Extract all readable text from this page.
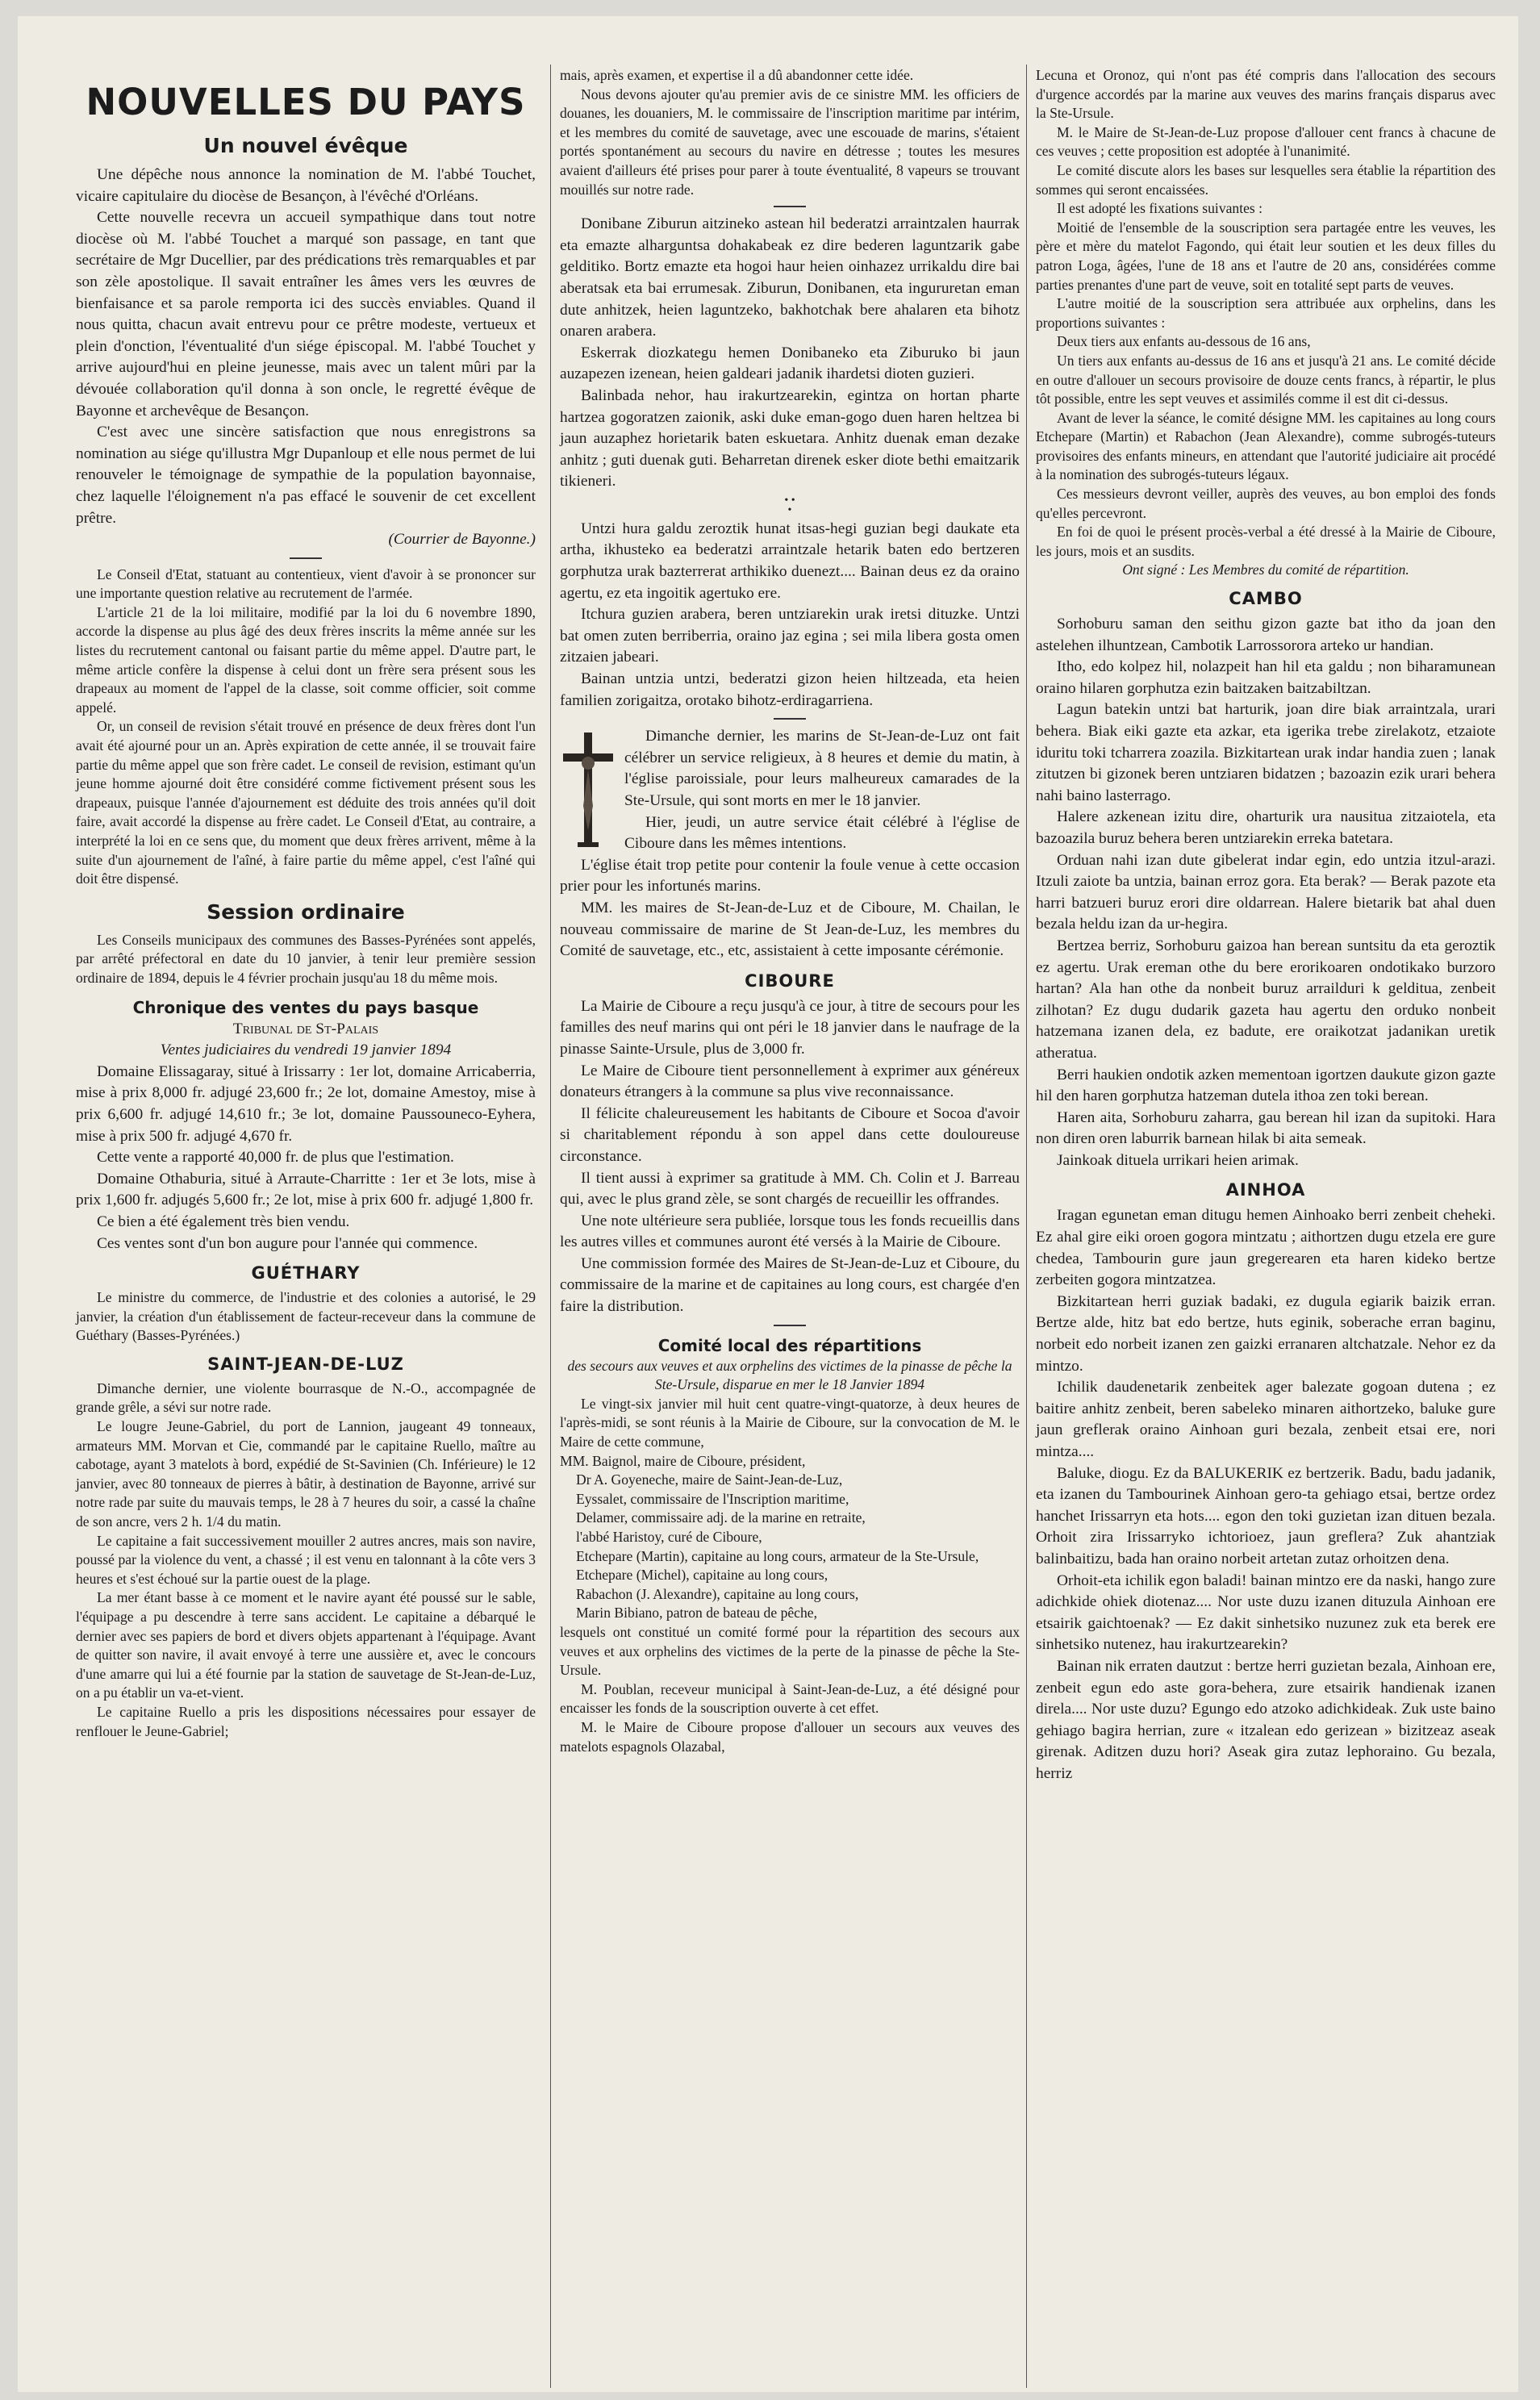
NOUVELLES DU PAYS
Un nouvel évêque

Une dépêche nous annonce la nomination de M. l'abbé Touchet, vicaire capitulaire du diocèse de Besançon, à l'évêché d'Orléans.

Cette nouvelle recevra un accueil sympathique dans tout notre diocèse où M. l'abbé Touchet a marqué son passage, en tant que secrétaire de Mgr Ducellier, par des prédications très remarquables et par son zèle apostolique. Il savait entraîner les âmes vers les œuvres de bienfaisance et sa parole remporta ici des succès enviables. Quand il nous quitta, chacun avait entrevu pour ce prêtre modeste, vertueux et plein d'onction, l'éventualité d'un siége épiscopal. M. l'abbé Touchet y arrive aujourd'hui en pleine jeunesse, mais avec un talent mûri par la dévouée collaboration qu'il donna à son oncle, le regretté évêque de Bayonne et archevêque de Besançon.

C'est avec une sincère satisfaction que nous enregistrons sa nomination au siége qu'illustra Mgr Dupanloup et elle nous permet de lui renouveler le témoignage de sympathie de la population bayonnaise, chez laquelle l'éloignement n'a pas effacé le souvenir de cet excellent prêtre.

(Courrier de Bayonne.)

Le Conseil d'Etat, statuant au contentieux, vient d'avoir à se prononcer sur une importante question relative au recrutement de l'armée.

L'article 21 de la loi militaire, modifié par la loi du 6 novembre 1890, accorde la dispense au plus âgé des deux frères inscrits la même année sur les listes du recrutement cantonal ou faisant partie du même appel. D'autre part, le même article confère la dispense à celui dont un frère sera présent sous les drapeaux au moment de l'appel de la classe, soit comme officier, soit comme appelé.

Or, un conseil de revision s'était trouvé en présence de deux frères dont l'un avait été ajourné pour un an. Après expiration de cette année, il se trouvait faire partie du même appel que son frère cadet. Le conseil de revision, estimant qu'un jeune homme ajourné doit être considéré comme fictivement présent sous les drapeaux, puisque l'année d'ajournement est déduite des trois années qu'il doit faire, avait accordé la dispense au frère cadet. Le Conseil d'Etat, au contraire, a interprété la loi en ce sens que, du moment que deux frères arrivent, même à la suite d'un ajournement de l'aîné, à faire partie du même appel, c'est l'aîné qui doit être dispensé.

Session ordinaire

Les Conseils municipaux des communes des Basses-Pyrénées sont appelés, par arrêté préfectoral en date du 10 janvier, à tenir leur première session ordinaire de 1894, depuis le 4 février prochain jusqu'au 18 du même mois.

Chronique des ventes du pays basque
Tribunal de St-Palais
Ventes judiciaires du vendredi 19 janvier 1894

Domaine Elissagaray, situé à Irissarry : 1er lot, domaine Arricaberria, mise à prix 8,000 fr. adjugé 23,600 fr.; 2e lot, domaine Amestoy, mise à prix 6,600 fr. adjugé 14,610 fr.; 3e lot, domaine Paussouneco-Eyhera, mise à prix 500 fr. adjugé 4,670 fr.

Cette vente a rapporté 40,000 fr. de plus que l'estimation.

Domaine Othaburia, situé à Arraute-Charritte : 1er et 3e lots, mise à prix 1,600 fr. adjugés 5,600 fr.; 2e lot, mise à prix 600 fr. adjugé 1,800 fr.

Ce bien a été également très bien vendu.

Ces ventes sont d'un bon augure pour l'année qui commence.

GUÉTHARY

Le ministre du commerce, de l'industrie et des colonies a autorisé, le 29 janvier, la création d'un établissement de facteur-receveur dans la commune de Guéthary (Basses-Pyrénées.)

SAINT-JEAN-DE-LUZ

Dimanche dernier, une violente bourrasque de N.-O., accompagnée de grande grêle, a sévi sur notre rade.

Le lougre Jeune-Gabriel, du port de Lannion, jaugeant 49 tonneaux, armateurs MM. Morvan et Cie, commandé par le capitaine Ruello, maître au cabotage, ayant 3 matelots à bord, expédié de St-Savinien (Ch. Inférieure) le 12 janvier, avec 80 tonneaux de pierres à bâtir, à destination de Bayonne, arrivé sur notre rade par suite du mauvais temps, le 28 à 7 heures du soir, a cassé la chaîne de son ancre, vers 2 h. 1/4 du matin.

Le capitaine a fait successivement mouiller 2 autres ancres, mais son navire, poussé par la violence du vent, a chassé ; il est venu en talonnant à la côte vers 3 heures et s'est échoué sur la partie ouest de la plage.

La mer étant basse à ce moment et le navire ayant été poussé sur le sable, l'équipage a pu descendre à terre sans accident. Le capitaine a débarqué le dernier avec ses papiers de bord et divers objets appartenant à l'équipage. Avant de quitter son navire, il avait envoyé à terre une aussière et, avec le concours d'une amarre qui lui a été fournie par la station de sauvetage de St-Jean-de-Luz, on a pu établir un va-et-vient.

Le capitaine Ruello a pris les dispositions nécessaires pour essayer de renflouer le Jeune-Gabriel;

mais, après examen, et expertise il a dû abandonner cette idée.

Nous devons ajouter qu'au premier avis de ce sinistre MM. les officiers de douanes, les douaniers, M. le commissaire de l'inscription maritime par intérim, et les membres du comité de sauvetage, avec une escouade de marins, s'étaient portés spontanément au secours du navire en détresse ; toutes les mesures avaient d'ailleurs été prises pour parer à toute éventualité, 8 vapeurs se trouvant mouillés sur notre rade.

Donibane Ziburun aitzineko astean hil bederatzi arraintzalen haurrak eta emazte alharguntsa dohakabeak ez dire bederen laguntzarik gabe gelditiko. Bortz emazte eta hogoi haur heien oinhazez urrikaldu dire bai aberatsak eta bai errumesak. Ziburun, Donibanen, eta ingururetan eman dute anhitzek, heien laguntzeko, bakhotchak bere ahalaren eta bihotz onaren arabera.

Eskerrak diozkategu hemen Donibaneko eta Ziburuko bi jaun auzapezen izenean, heien galdeari jadanik ihardetsi dioten guzieri.

Balinbada nehor, hau irakurtzearekin, egintza on hortan pharte hartzea gogoratzen zaionik, aski duke eman-gogo duen haren heltzea bi jaun auzaphez horietarik baten eskuetara. Anhitz duenak eman dezake anhitz ; guti duenak guti. Beharretan direnek esker diote bethi emaitzarik tikieneri.

• •
•

Untzi hura galdu zeroztik hunat itsas-hegi guzian begi daukate eta artha, ikhusteko ea bederatzi arraintzale hetarik baten edo bertzeren gorphutza urak bazterrerat arthikiko duenezt.... Bainan deus ez da oraino agertu, ez eta ingoitik agertuko ere.

Itchura guzien arabera, beren untziarekin urak iretsi dituzke. Untzi bat omen zuten berriberria, oraino jaz egina ; sei mila libera gosta omen zitzaien jabeari.

Bainan untzia untzi, bederatzi gizon heien hiltzeada, eta heien familien zorigaitza, orotako bihotz-erdiragarriena.

Dimanche dernier, les marins de St-Jean-de-Luz ont fait célébrer un service religieux, à 8 heures et demie du matin, à l'église paroissiale, pour leurs malheureux camarades de la Ste-Ursule, qui sont morts en mer le 18 janvier.

Hier, jeudi, un autre service était célébré à l'église de Ciboure dans les mêmes intentions.

L'église était trop petite pour contenir la foule venue à cette occasion prier pour les infortunés marins.

MM. les maires de St-Jean-de-Luz et de Ciboure, M. Chailan, le nouveau commissaire de marine de St Jean-de-Luz, les membres du Comité de sauvetage, etc., etc, assistaient à cette imposante cérémonie.

CIBOURE

La Mairie de Ciboure a reçu jusqu'à ce jour, à titre de secours pour les familles des neuf marins qui ont péri le 18 janvier dans le naufrage de la pinasse Sainte-Ursule, plus de 3,000 fr.

Le Maire de Ciboure tient personnellement à exprimer aux généreux donateurs étrangers à la commune sa plus vive reconnaissance.

Il félicite chaleureusement les habitants de Ciboure et Socoa d'avoir si charitablement répondu à son appel dans cette douloureuse circonstance.

Il tient aussi à exprimer sa gratitude à MM. Ch. Colin et J. Barreau qui, avec le plus grand zèle, se sont chargés de recueillir les offrandes.

Une note ultérieure sera publiée, lorsque tous les fonds recueillis dans les autres villes et communes auront été versés à la Mairie de Ciboure.

Une commission formée des Maires de St-Jean-de-Luz et Ciboure, du commissaire de la marine et de capitaines au long cours, est chargée d'en faire la distribution.

Comité local des répartitions
des secours aux veuves et aux orphelins des victimes de la pinasse de pêche la Ste-Ursule, disparue en mer le 18 Janvier 1894

Le vingt-six janvier mil huit cent quatre-vingt-quatorze, à deux heures de l'après-midi, se sont réunis à la Mairie de Ciboure, sur la convocation de M. le Maire de cette commune,

MM. Baignol, maire de Ciboure, président,
Dr A. Goyeneche, maire de Saint-Jean-de-Luz,
Eyssalet, commissaire de l'Inscription maritime,
Delamer, commissaire adj. de la marine en retraite,
l'abbé Haristoy, curé de Ciboure,
Etchepare (Martin), capitaine au long cours, armateur de la Ste-Ursule,
Etchepare (Michel), capitaine au long cours,
Rabachon (J. Alexandre), capitaine au long cours,
Marin Bibiano, patron de bateau de pêche,

lesquels ont constitué un comité formé pour la répartition des secours aux veuves et aux orphelins des victimes de la perte de la pinasse de pêche la Ste-Ursule.

M. Poublan, receveur municipal à Saint-Jean-de-Luz, a été désigné pour encaisser les fonds de la souscription ouverte à cet effet.

M. le Maire de Ciboure propose d'allouer un secours aux veuves des matelots espagnols Olazabal,

Lecuna et Oronoz, qui n'ont pas été compris dans l'allocation des secours d'urgence accordés par la marine aux veuves des marins français disparus avec la Ste-Ursule.

M. le Maire de St-Jean-de-Luz propose d'allouer cent francs à chacune de ces veuves ; cette proposition est adoptée à l'unanimité.

Le comité discute alors les bases sur lesquelles sera établie la répartition des sommes qui seront encaissées.

Il est adopté les fixations suivantes :

Moitié de l'ensemble de la souscription sera partagée entre les veuves, les père et mère du matelot Fagondo, qui était leur soutien et les deux filles du patron Loga, âgées, l'une de 18 ans et l'autre de 20 ans, considérées comme parties prenantes d'une part de veuve, soit en totalité sept parts de veuves.

L'autre moitié de la souscription sera attribuée aux orphelins, dans les proportions suivantes :

Deux tiers aux enfants au-dessous de 16 ans,

Un tiers aux enfants au-dessus de 16 ans et jusqu'à 21 ans. Le comité décide en outre d'allouer un secours provisoire de douze cents francs, à répartir, le plus tôt possible, entre les sept veuves et assimilés comme il est dit ci-dessus.

Avant de lever la séance, le comité désigne MM. les capitaines au long cours Etchepare (Martin) et Rabachon (Jean Alexandre), comme subrogés-tuteurs provisoires des enfants mineurs, en attendant que l'autorité judiciaire ait procédé à la nomination des subrogés-tuteurs légaux.

Ces messieurs devront veiller, auprès des veuves, au bon emploi des fonds qu'elles percevront.

En foi de quoi le présent procès-verbal a été dressé à la Mairie de Ciboure, les jours, mois et an susdits.

Ont signé : Les Membres du comité de répartition.
CAMBO

Sorhoburu saman den seithu gizon gazte bat itho da joan den astelehen ilhuntzean, Cambotik Larrossorora arteko ur handian.

Itho, edo kolpez hil, nolazpeit han hil eta galdu ; non biharamunean oraino hilaren gorphutza ezin baitzaken baitzabiltzan.

Lagun batekin untzi bat harturik, joan dire biak arraintzala, urari behera. Biak eiki gazte eta azkar, eta igerika trebe zirelakotz, etzaiote iduritu toki tcharrera zoazila. Bizkitartean urak indar handia zuen ; lanak zitutzen bi gizonek beren untziaren bidatzen ; bazoazin ezik urari behera nahi baino lasterrago.

Halere azkenean izitu dire, oharturik ura nausitua zitzaiotela, eta bazoazila buruz behera beren untziarekin erreka batetara.

Orduan nahi izan dute gibelerat indar egin, edo untzia itzul-arazi. Itzuli zaiote ba untzia, bainan erroz gora. Eta berak? — Berak pazote eta harri batzueri buruz erori dire oldarrean. Halere bietarik bat ahal duen bezala heldu izan da ur-hegira.

Bertzea berriz, Sorhoburu gaizoa han berean suntsitu da eta geroztik ez agertu. Urak ereman othe du bere erorikoaren ondotikako burzoro hartan? Ala han othe da nonbeit buruz arrailduri k gelditua, zenbeit zilhotan? Ez dugu dudarik gazeta hau agertu den orduko nonbeit hatzemana izanen dela, ez badute, ere oraikotzat jadanikan uretik atheratua.

Berri haukien ondotik azken mementoan igortzen daukute gizon gazte hil den haren gorphutza hatzeman dutela ithoa zen toki berean.

Haren aita, Sorhoburu zaharra, gau berean hil izan da supitoki. Hara non diren oren laburrik barnean hilak bi aita semeak.

Jainkoak dituela urrikari heien arimak.

AINHOA

Iragan egunetan eman ditugu hemen Ainhoako berri zenbeit cheheki. Ez ahal gire eiki oroen gogora mintzatu ; aithortzen dugu etzela ere gure chedea, Tambourin gure jaun gregerearen eta haren kideko bertze zerbeiten gogora mintzatzea.

Bizkitartean herri guziak badaki, ez dugula egiarik baizik erran. Bertze alde, hitz bat edo bertze, huts eginik, soberache erran baginu, norbeit edo norbeit izanen zen gaizki erranaren altchatzale. Nehor ez da mintzo.

Ichilik daudenetarik zenbeitek ager balezate gogoan dutena ; ez baitire anhitz zenbeit, beren sabeleko minaren aithortzeko, baluke gure jaun greflerak oraino Ainhoan guri bezala, zenbeit etsai ere, nori mintza....

Baluke, diogu. Ez da BALUKERIK ez bertzerik. Badu, badu jadanik, eta izanen du Tambourinek Ainhoan gero-ta gehiago etsai, bertze ordez hanchet Irissarryn eta hots.... egon den toki guzietan izan dituen bezala. Orhoit zira Irissarryko ichtorioez, jaun greflera? Zuk ahantziak balinbaitizu, bada han oraino norbeit artetan zutaz orhoitzen dena.

Orhoit-eta ichilik egon baladi! bainan mintzo ere da naski, hango zure adichkide ohiek diotenaz.... Nor uste duzu izanen dituzula Ainhoan ere etsairik gaichtoenak? — Ez dakit sinhetsiko nuzunez zuk eta berek ere sinhetsiko nutenez, hau irakurtzearekin?

Bainan nik erraten dautzut : bertze herri guzietan bezala, Ainhoan ere, zenbeit egun edo aste gora-behera, zure etsairik handienak izanen direla.... Nor uste duzu? Egungo edo atzoko adichkideak. Zuk uste baino gehiago bagira herrian, zure « itzalean edo gerizean » bizitzeaz aseak girenak. Aditzen duzu hori? Aseak gira zutaz lephoraino. Gu bezala, herriz
